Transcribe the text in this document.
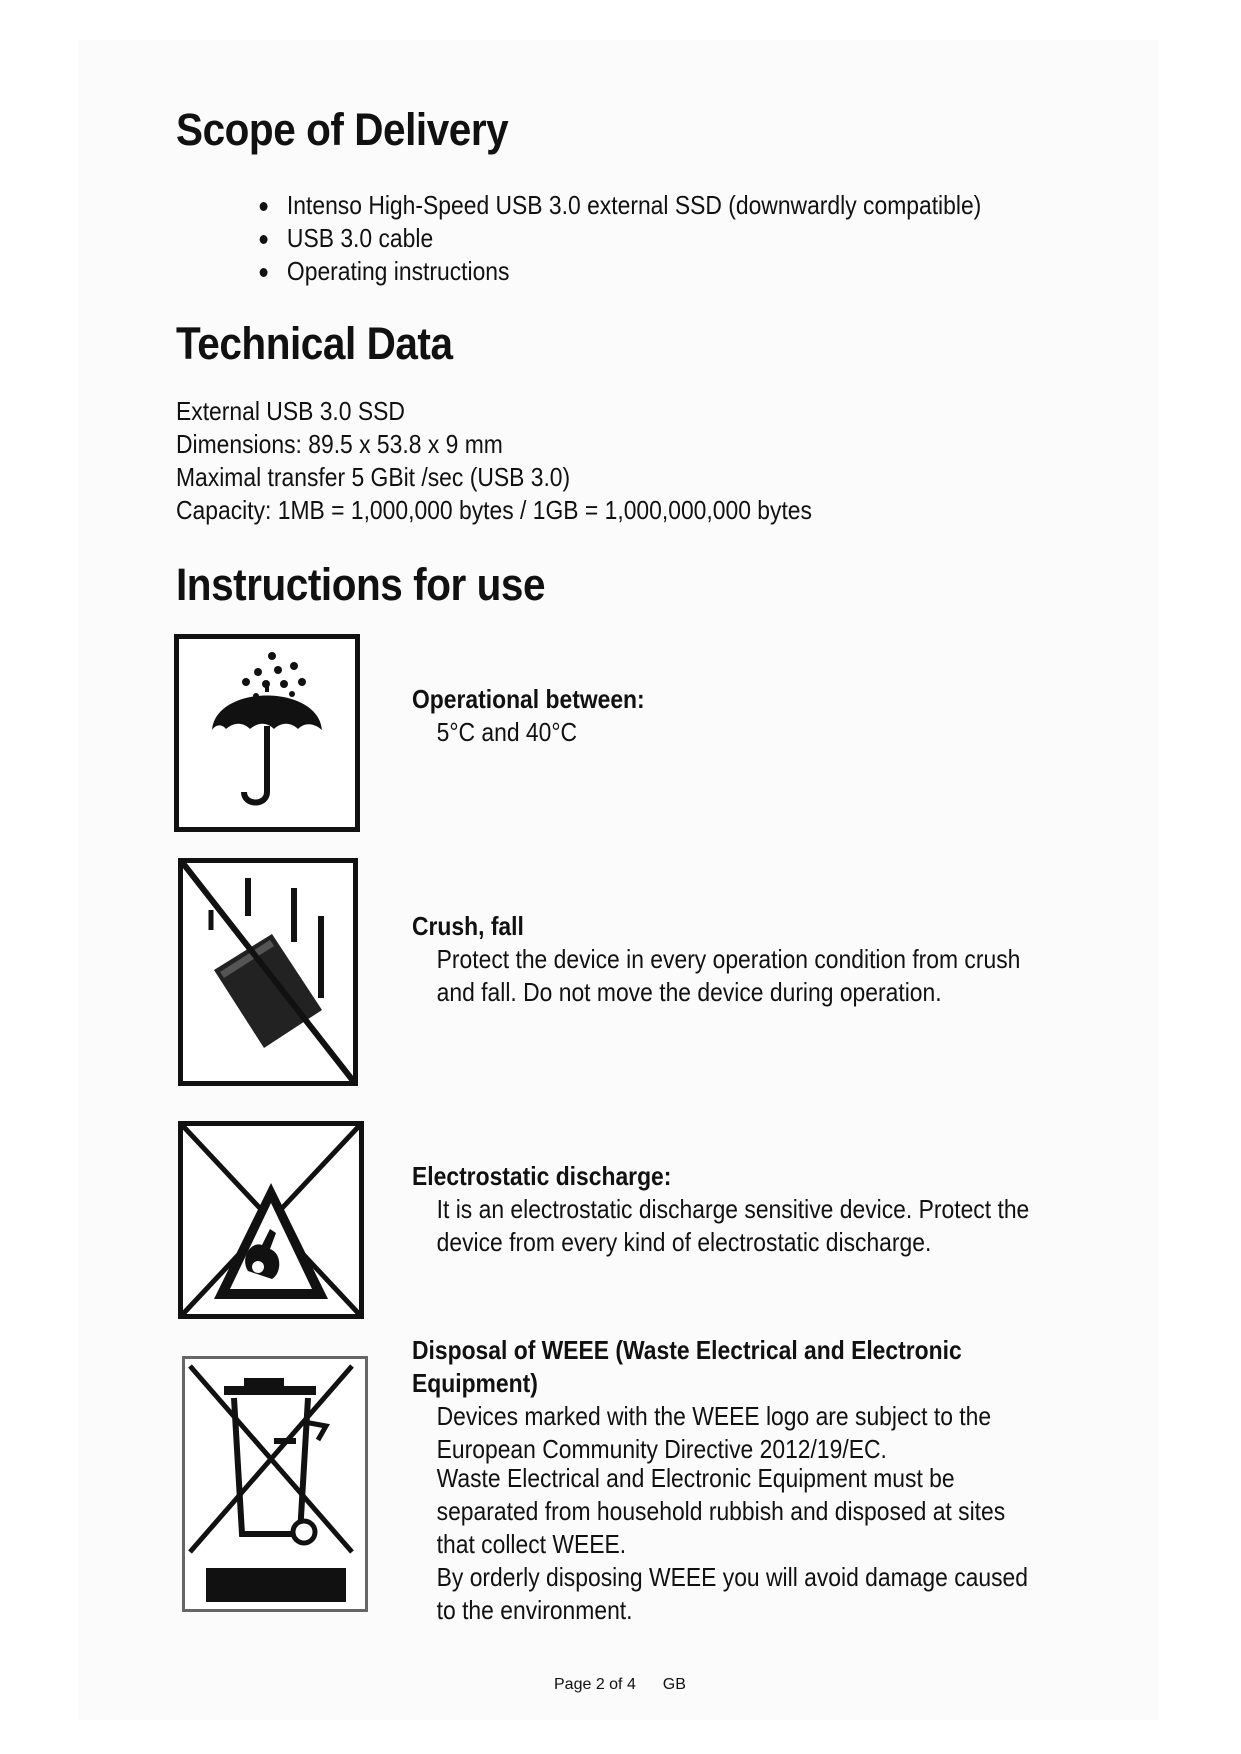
Scope of Delivery
Intenso High-Speed USB 3.0 external SSD (downwardly compatible)
USB 3.0 cable
Operating instructions
Technical Data
External USB 3.0 SSD
Dimensions: 89.5 x 53.8 x 9 mm
Maximal transfer 5 GBit /sec (USB 3.0)
Capacity: 1MB = 1,000,000 bytes / 1GB = 1,000,000,000 bytes
Instructions for use
Operational between:
5°C and 40°C
Crush, fall
Protect the device in every operation condition from crush
and fall. Do not move the device during operation.
Electrostatic discharge:
It is an electrostatic discharge sensitive device. Protect the
device from every kind of electrostatic discharge.
Disposal of WEEE (Waste Electrical and Electronic
Equipment)
Devices marked with the WEEE logo are subject to the
European Community Directive 2012/19/EC.
Waste Electrical and Electronic Equipment must be
separated from household rubbish and disposed at sites
that collect WEEE.
By orderly disposing WEEE you will avoid damage caused
to the environment.
Page 2 of 4 GB
